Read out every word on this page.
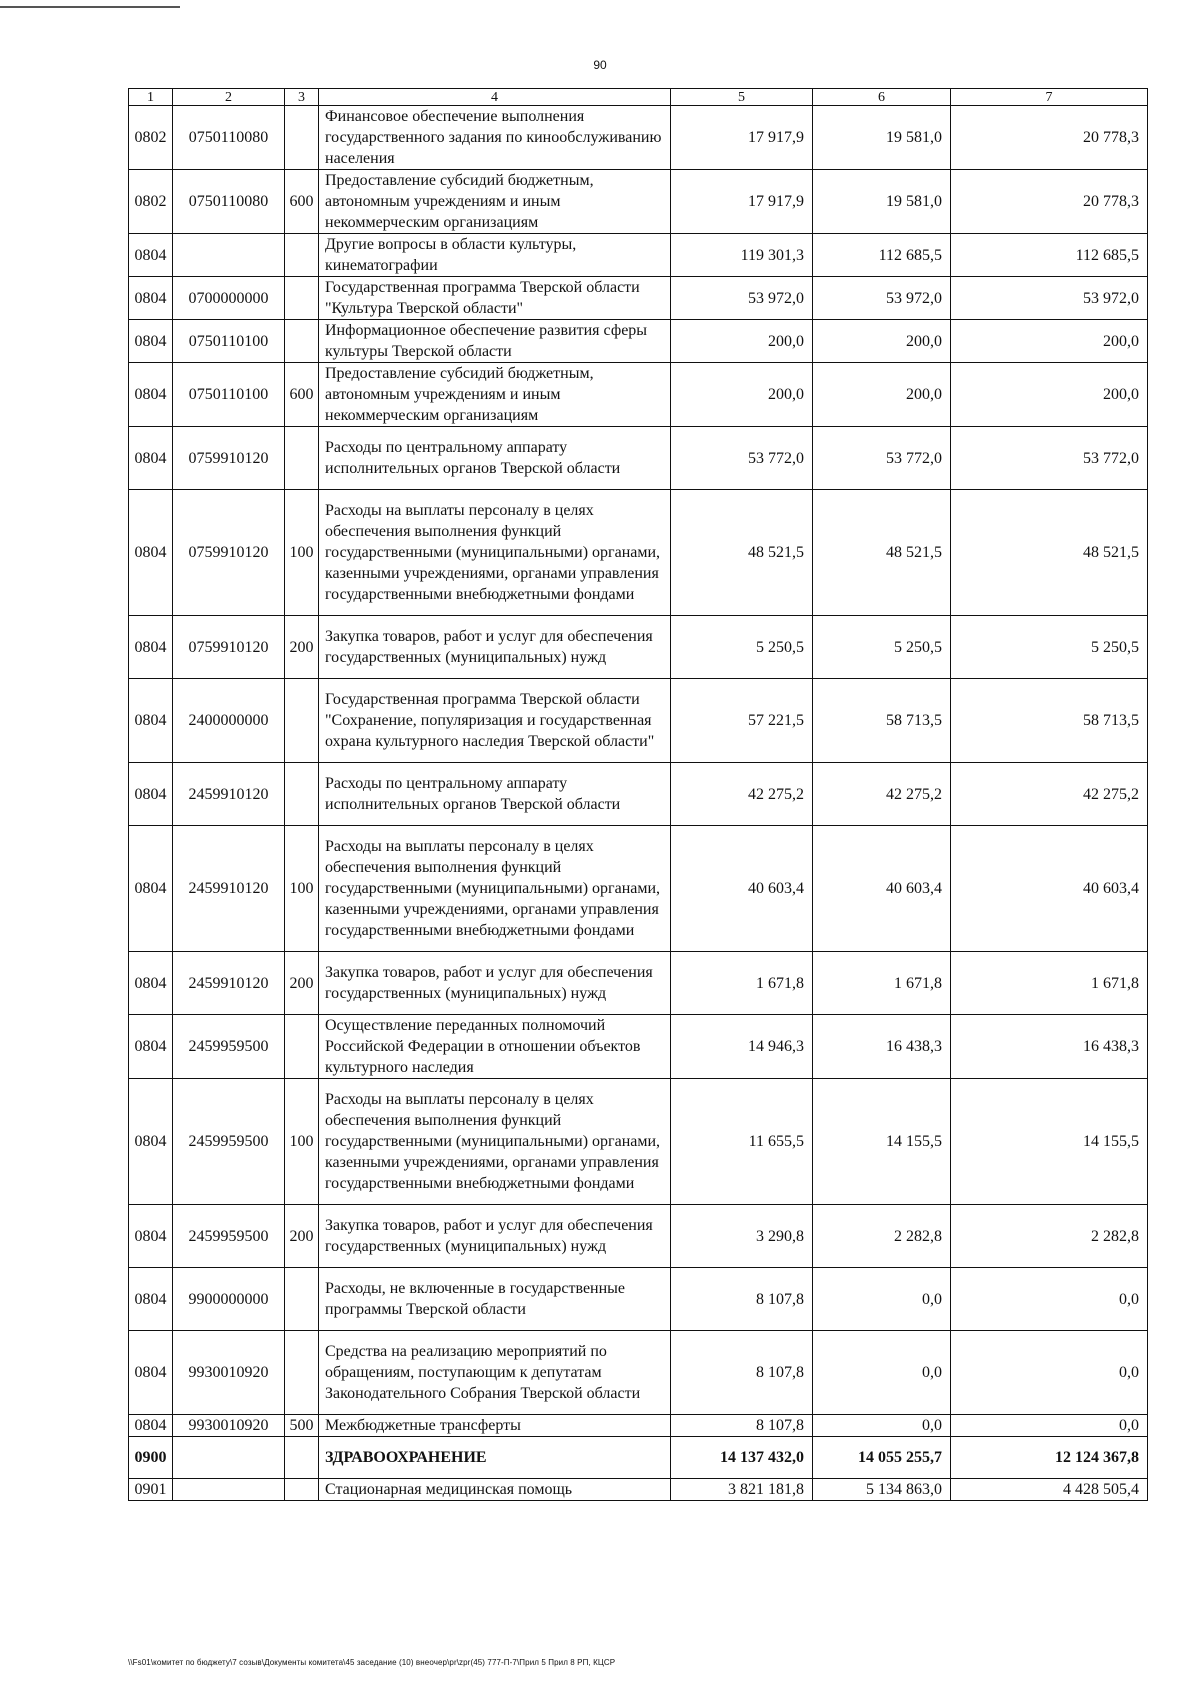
90
1	2	3	4	5	6	7
0802	0750110080		Финансовое обеспечение выполнения государственного задания по кинообслуживанию населения	17 917,9	19 581,0	20 778,3
0802	0750110080	600	Предоставление субсидий бюджетным, автономным учреждениям и иным некоммерческим организациям	17 917,9	19 581,0	20 778,3
0804			Другие вопросы в области культуры, кинематографии	119 301,3	112 685,5	112 685,5
0804	0700000000		Государственная программа Тверской области "Культура Тверской области"	53 972,0	53 972,0	53 972,0
0804	0750110100		Информационное обеспечение развития сферы культуры Тверской области	200,0	200,0	200,0
0804	0750110100	600	Предоставление субсидий бюджетным, автономным учреждениям и иным некоммерческим организациям	200,0	200,0	200,0
0804	0759910120		Расходы по центральному аппарату исполнительных органов Тверской области	53 772,0	53 772,0	53 772,0
0804	0759910120	100	Расходы на выплаты персоналу в целях обеспечения выполнения функций государственными (муниципальными) органами, казенными учреждениями, органами управления государственными внебюджетными фондами	48 521,5	48 521,5	48 521,5
0804	0759910120	200	Закупка товаров, работ и услуг для обеспечения государственных (муниципальных) нужд	5 250,5	5 250,5	5 250,5
0804	2400000000		Государственная программа Тверской области "Сохранение, популяризация и государственная охрана культурного наследия Тверской области"	57 221,5	58 713,5	58 713,5
0804	2459910120		Расходы по центральному аппарату исполнительных органов Тверской области	42 275,2	42 275,2	42 275,2
0804	2459910120	100	Расходы на выплаты персоналу в целях обеспечения выполнения функций государственными (муниципальными) органами, казенными учреждениями, органами управления государственными внебюджетными фондами	40 603,4	40 603,4	40 603,4
0804	2459910120	200	Закупка товаров, работ и услуг для обеспечения государственных (муниципальных) нужд	1 671,8	1 671,8	1 671,8
0804	2459959500		Осуществление переданных полномочий Российской Федерации в отношении объектов культурного наследия	14 946,3	16 438,3	16 438,3
0804	2459959500	100	Расходы на выплаты персоналу в целях обеспечения выполнения функций государственными (муниципальными) органами, казенными учреждениями, органами управления государственными внебюджетными фондами	11 655,5	14 155,5	14 155,5
0804	2459959500	200	Закупка товаров, работ и услуг для обеспечения государственных (муниципальных) нужд	3 290,8	2 282,8	2 282,8
0804	9900000000		Расходы, не включенные в государственные программы Тверской области	8 107,8	0,0	0,0
0804	9930010920		Средства на реализацию мероприятий по обращениям, поступающим к депутатам Законодательного Собрания Тверской области	8 107,8	0,0	0,0
0804	9930010920	500	Межбюджетные трансферты	8 107,8	0,0	0,0
0900			ЗДРАВООХРАНЕНИЕ	14 137 432,0	14 055 255,7	12 124 367,8
0901			Стационарная медицинская помощь	3 821 181,8	5 134 863,0	4 428 505,4
\\Fs01\комитет по бюджету\7 созыв\Документы комитета\45 заседание (10) внеочер\pr\zpr(45) 777-П-7\Прил 5 Прил 8 РП, КЦСР
